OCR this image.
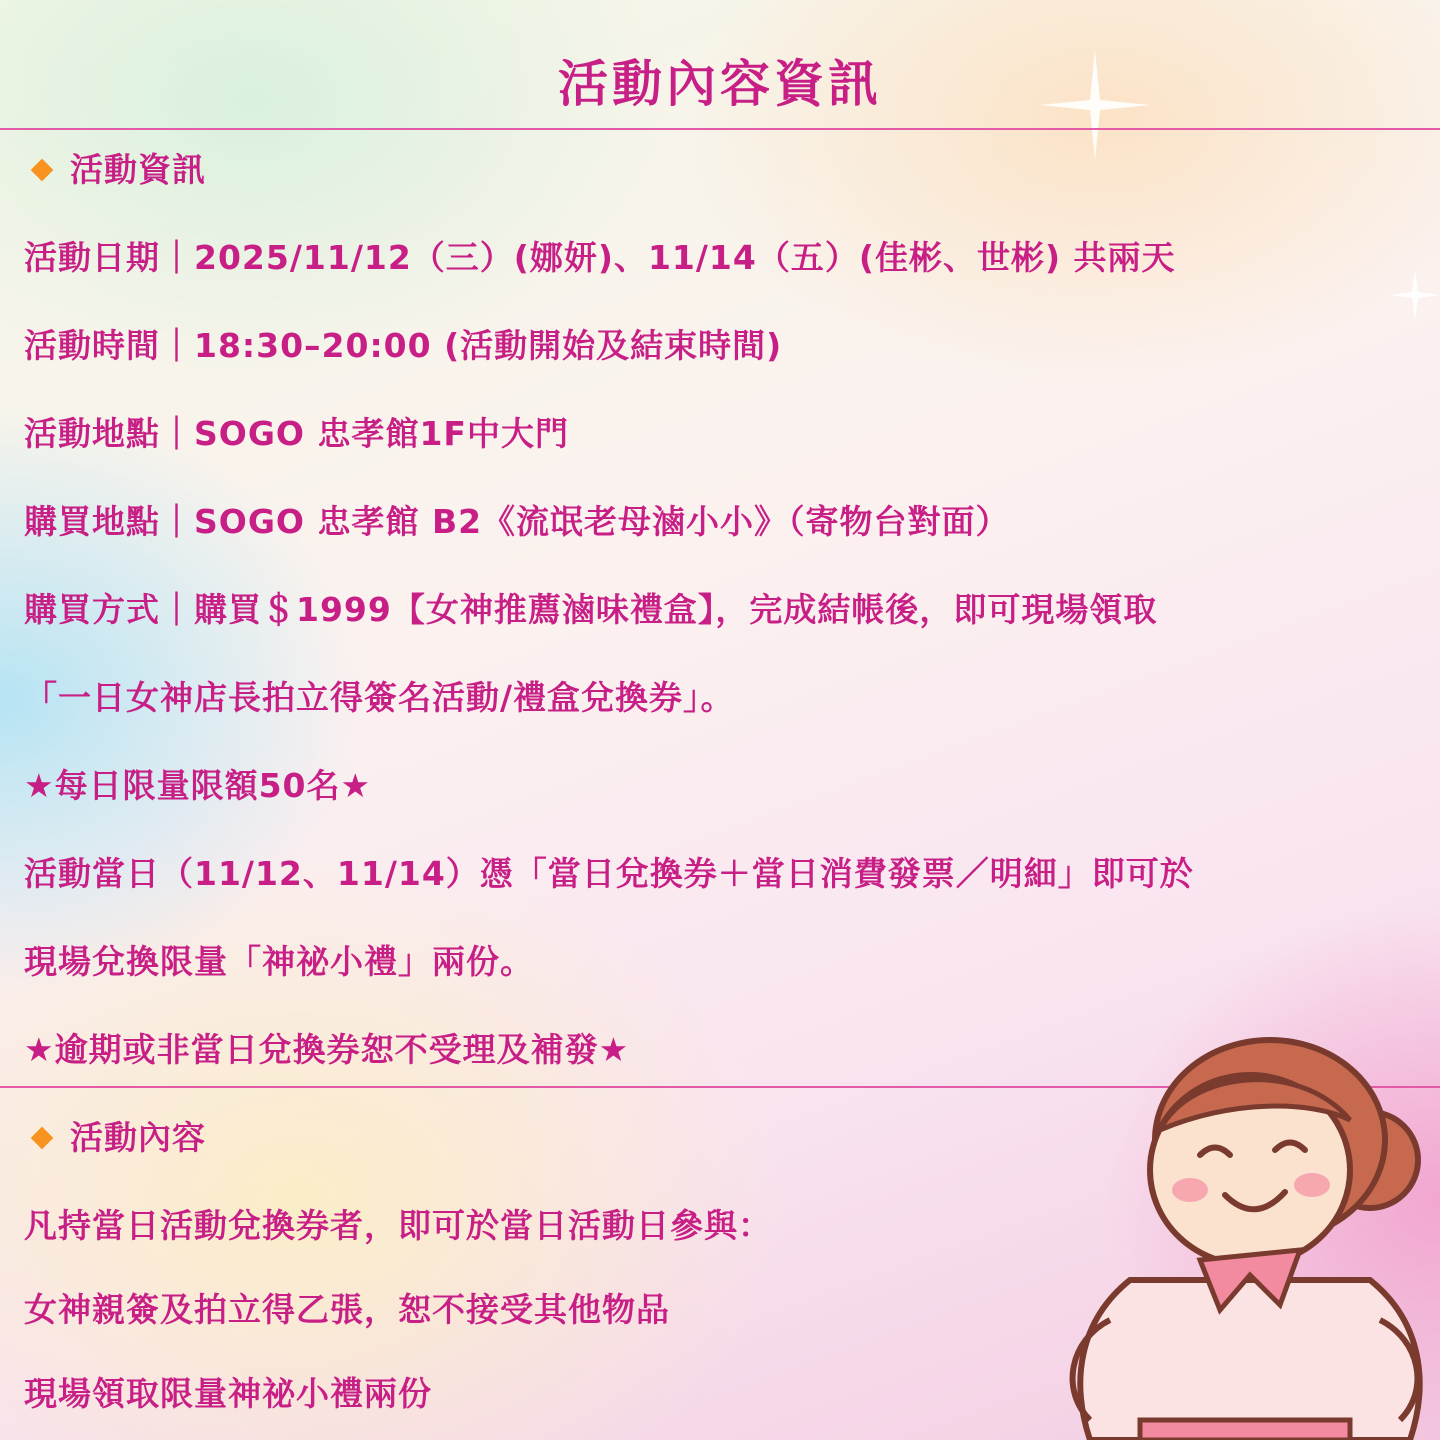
活動內容資訊
活動資訊
活動日期｜2025/11/12（三）(娜妍)、11/14（五）(佳彬、世彬) 共兩天
活動時間｜18:30–20:00 (活動開始及結束時間)
活動地點｜SOGO 忠孝館1F中大門
購買地點｜SOGO 忠孝館 B2《流氓老母滷小小》（寄物台對面）
購買方式｜購買＄1999【女神推薦滷味禮盒】，完成結帳後，即可現場領取
「一日女神店長拍立得簽名活動/禮盒兌換券」。
★每日限量限額50名★
活動當日（11/12、11/14）憑「當日兌換券＋當日消費發票／明細」即可於
現場兌換限量「神祕小禮」兩份。
★逾期或非當日兌換券恕不受理及補發★
活動內容
凡持當日活動兌換券者，即可於當日活動日參與：
女神親簽及拍立得乙張，恕不接受其他物品
現場領取限量神祕小禮兩份
